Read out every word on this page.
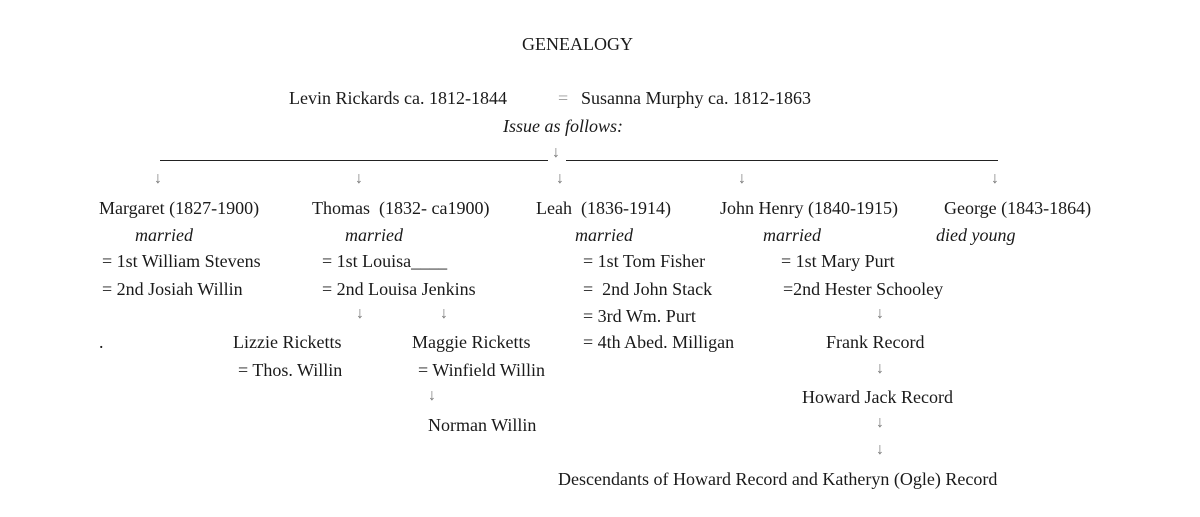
GENEALOGY
Levin Rickards ca. 1812-1844	= Susanna Murphy ca. 1812-1863
Issue as follows:
↓
↓	↓	↓	↓	↓
Margaret (1827-1900)
married
= 1st William Stevens
= 2nd Josiah Willin
Thomas  (1832- ca1900)
married
= 1st Louisa____
= 2nd Louisa Jenkins
↓	↓
Lizzie Ricketts
= Thos. Willin
Maggie Ricketts
= Winfield Willin
↓
Norman Willin
Leah  (1836-1914)
married
= 1st Tom Fisher
=  2nd John Stack
= 3rd Wm. Purt
= 4th Abed. Milligan
John Henry (1840-1915)
married
= 1st Mary Purt
=2nd Hester Schooley
↓
Frank Record
↓
Howard Jack Record
↓
↓
George (1843-1864)
died young
.
Descendants of Howard Record and Katheryn (Ogle) Record
